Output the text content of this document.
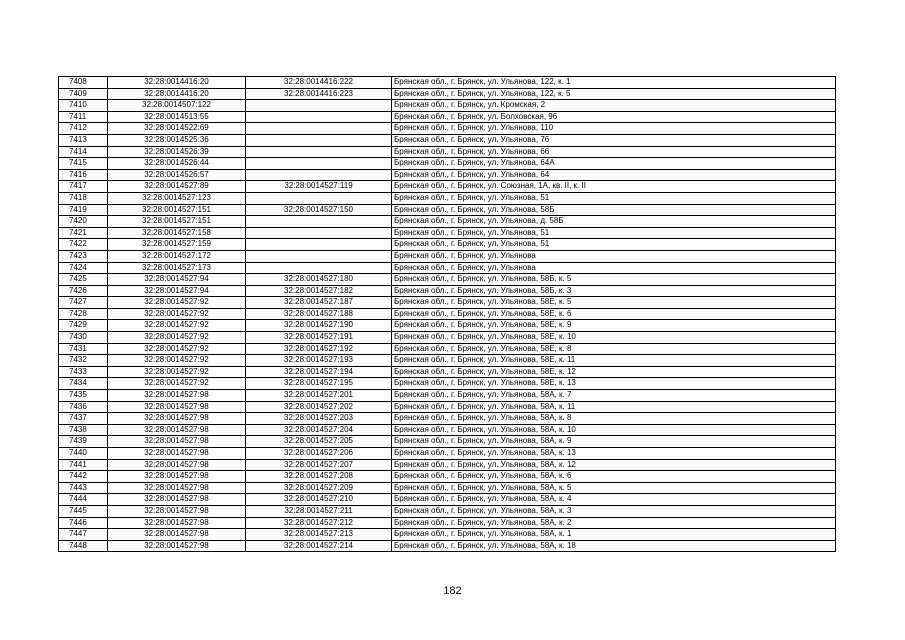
7408	32:28:0014416:20	32:28:0014416:222	Брянская обл., г. Брянск, ул. Ульянова, 122, к. 1
7409	32:28:0014416:20	32:28:0014416:223	Брянская обл., г. Брянск, ул. Ульянова, 122, к. 5
7410	32:28:0014507:122		Брянская обл., г. Брянск, ул. Кромская, 2
7411	32:28:0014513:55		Брянская обл., г. Брянск, ул. Болховская, 96
7412	32:28:0014522:69		Брянская обл., г. Брянск, ул. Ульянова, 110
7413	32:28:0014525:36		Брянская обл., г. Брянск, ул. Ульянова, 76
7414	32:28:0014526:39		Брянская обл., г. Брянск, ул. Ульянова, 66
7415	32:28:0014526:44		Брянская обл., г. Брянск, ул. Ульянова, 64А
7416	32:28:0014526:57		Брянская обл., г. Брянск, ул. Ульянова, 64
7417	32:28:0014527:89	32:28:0014527:119	Брянская обл., г. Брянск, ул. Союзная, 1А, кв. II, к. II
7418	32:28:0014527:123		Брянская обл., г. Брянск, ул. Ульянова, 51
7419	32:28:0014527:151	32:28:0014527:150	Брянская обл., г. Брянск, ул. Ульянова, 58Б
7420	32:28:0014527:151		Брянская обл., г. Брянск, ул. Ульянова, д. 58Б
7421	32:28:0014527:158		Брянская обл., г. Брянск, ул. Ульянова, 51
7422	32:28:0014527:159		Брянская обл., г. Брянск, ул. Ульянова, 51
7423	32:28:0014527:172		Брянская обл., г. Брянск, ул. Ульянова
7424	32:28:0014527:173		Брянская обл., г. Брянск, ул. Ульянова
7425	32:28:0014527:94	32:28:0014527:180	Брянская обл., г. Брянск, ул. Ульянова, 58Б, к. 5
7426	32:28:0014527:94	32:28:0014527:182	Брянская обл., г. Брянск, ул. Ульянова, 58Б, к. 3
7427	32:28:0014527:92	32:28:0014527:187	Брянская обл., г. Брянск, ул. Ульянова, 58Е, к. 5
7428	32:28:0014527:92	32:28:0014527:188	Брянская обл., г. Брянск, ул. Ульянова, 58Е, к. 6
7429	32:28:0014527:92	32:28:0014527:190	Брянская обл., г. Брянск, ул. Ульянова, 58Е, к. 9
7430	32:28:0014527:92	32:28:0014527:191	Брянская обл., г. Брянск, ул. Ульянова, 58Е, к. 10
7431	32:28:0014527:92	32:28:0014527:192	Брянская обл., г. Брянск, ул. Ульянова, 58Е, к. 8
7432	32:28:0014527:92	32:28:0014527:193	Брянская обл., г. Брянск, ул. Ульянова, 58Е, к. 11
7433	32:28:0014527:92	32:28:0014527:194	Брянская обл., г. Брянск, ул. Ульянова, 58Е, к. 12
7434	32:28:0014527:92	32:28:0014527:195	Брянская обл., г. Брянск, ул. Ульянова, 58Е, к. 13
7435	32:28:0014527:98	32:28:0014527:201	Брянская обл., г. Брянск, ул. Ульянова, 58А, к. 7
7436	32:28:0014527:98	32:28:0014527:202	Брянская обл., г. Брянск, ул. Ульянова, 58А, к. 11
7437	32:28:0014527:98	32:28:0014527:203	Брянская обл., г. Брянск, ул. Ульянова, 58А, к. 8
7438	32:28:0014527:98	32:28:0014527:204	Брянская обл., г. Брянск, ул. Ульянова, 58А, к. 10
7439	32:28:0014527:98	32:28:0014527:205	Брянская обл., г. Брянск, ул. Ульянова, 58А, к. 9
7440	32:28:0014527:98	32:28:0014527:206	Брянская обл., г. Брянск, ул. Ульянова, 58А, к. 13
7441	32:28:0014527:98	32:28:0014527:207	Брянская обл., г. Брянск, ул. Ульянова, 58А, к. 12
7442	32:28:0014527:98	32:28:0014527:208	Брянская обл., г. Брянск, ул. Ульянова, 58А, к. 6
7443	32:28:0014527:98	32:28:0014527:209	Брянская обл., г. Брянск, ул. Ульянова, 58А, к. 5
7444	32:28:0014527:98	32:28:0014527:210	Брянская обл., г. Брянск, ул. Ульянова, 58А, к. 4
7445	32:28:0014527:98	32:28:0014527:211	Брянская обл., г. Брянск, ул. Ульянова, 58А, к. 3
7446	32:28:0014527:98	32:28:0014527:212	Брянская обл., г. Брянск, ул. Ульянова, 58А, к. 2
7447	32:28:0014527:98	32:28:0014527:213	Брянская обл., г. Брянск, ул. Ульянова, 58А, к. 1
7448	32:28:0014527:98	32:28:0014527:214	Брянская обл., г. Брянск, ул. Ульянова, 58А, к. 18
182
